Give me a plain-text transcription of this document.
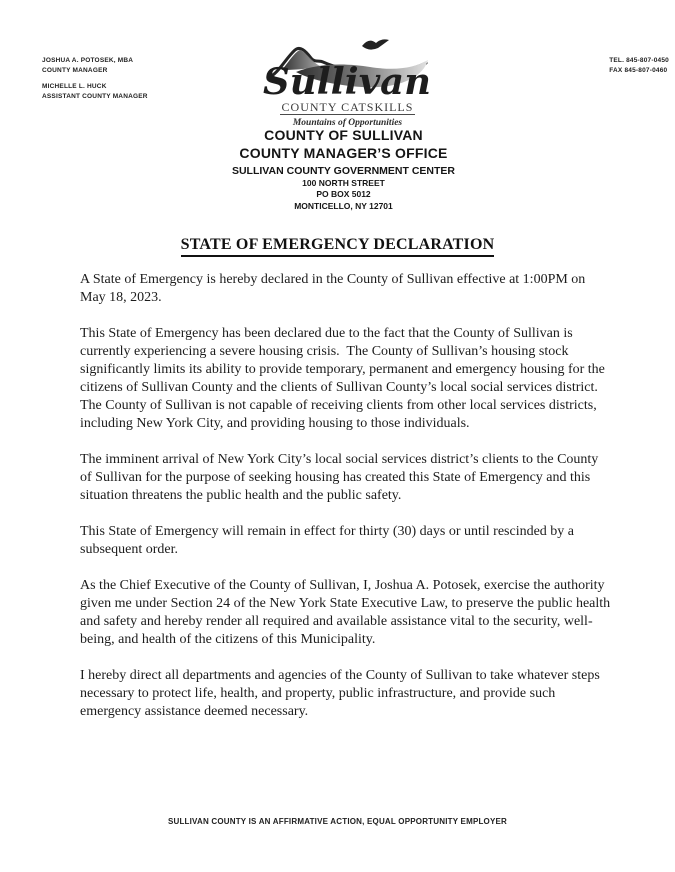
JOSHUA A. POTOSEK, MBA
COUNTY MANAGER
MICHELLE L. HUCK
ASSISTANT COUNTY MANAGER
TEL. 845-807-0450
FAX 845-807-0460
Sullivan
COUNTY CATSKILLS
Mountains of Opportunities
COUNTY OF SULLIVAN
COUNTY MANAGER’S OFFICE
SULLIVAN COUNTY GOVERNMENT CENTER
100 NORTH STREET
PO BOX 5012
MONTICELLO, NY 12701
STATE OF EMERGENCY DECLARATION

A State of Emergency is hereby declared in the County of Sullivan effective at 1:00PM on May 18, 2023.

This State of Emergency has been declared due to the fact that the County of Sullivan is currently experiencing a severe housing crisis.  The County of Sullivan’s housing stock significantly limits its ability to provide temporary, permanent and emergency housing for the citizens of Sullivan County and the clients of Sullivan County’s local social services district.  The County of Sullivan is not capable of receiving clients from other local services districts, including New York City, and providing housing to those individuals.

The imminent arrival of New York City’s local social services district’s clients to the County of Sullivan for the purpose of seeking housing has created this State of Emergency and this situation threatens the public health and the public safety.

This State of Emergency will remain in effect for thirty (30) days or until rescinded by a subsequent order.

As the Chief Executive of the County of Sullivan, I, Joshua A. Potosek, exercise the authority given me under Section 24 of the New York State Executive Law, to preserve the public health and safety and hereby render all required and available assistance vital to the security, well-being, and health of the citizens of this Municipality.

I hereby direct all departments and agencies of the County of Sullivan to take whatever steps necessary to protect life, health, and property, public infrastructure, and provide such emergency assistance deemed necessary.

SULLIVAN COUNTY IS AN AFFIRMATIVE ACTION, EQUAL OPPORTUNITY EMPLOYER
